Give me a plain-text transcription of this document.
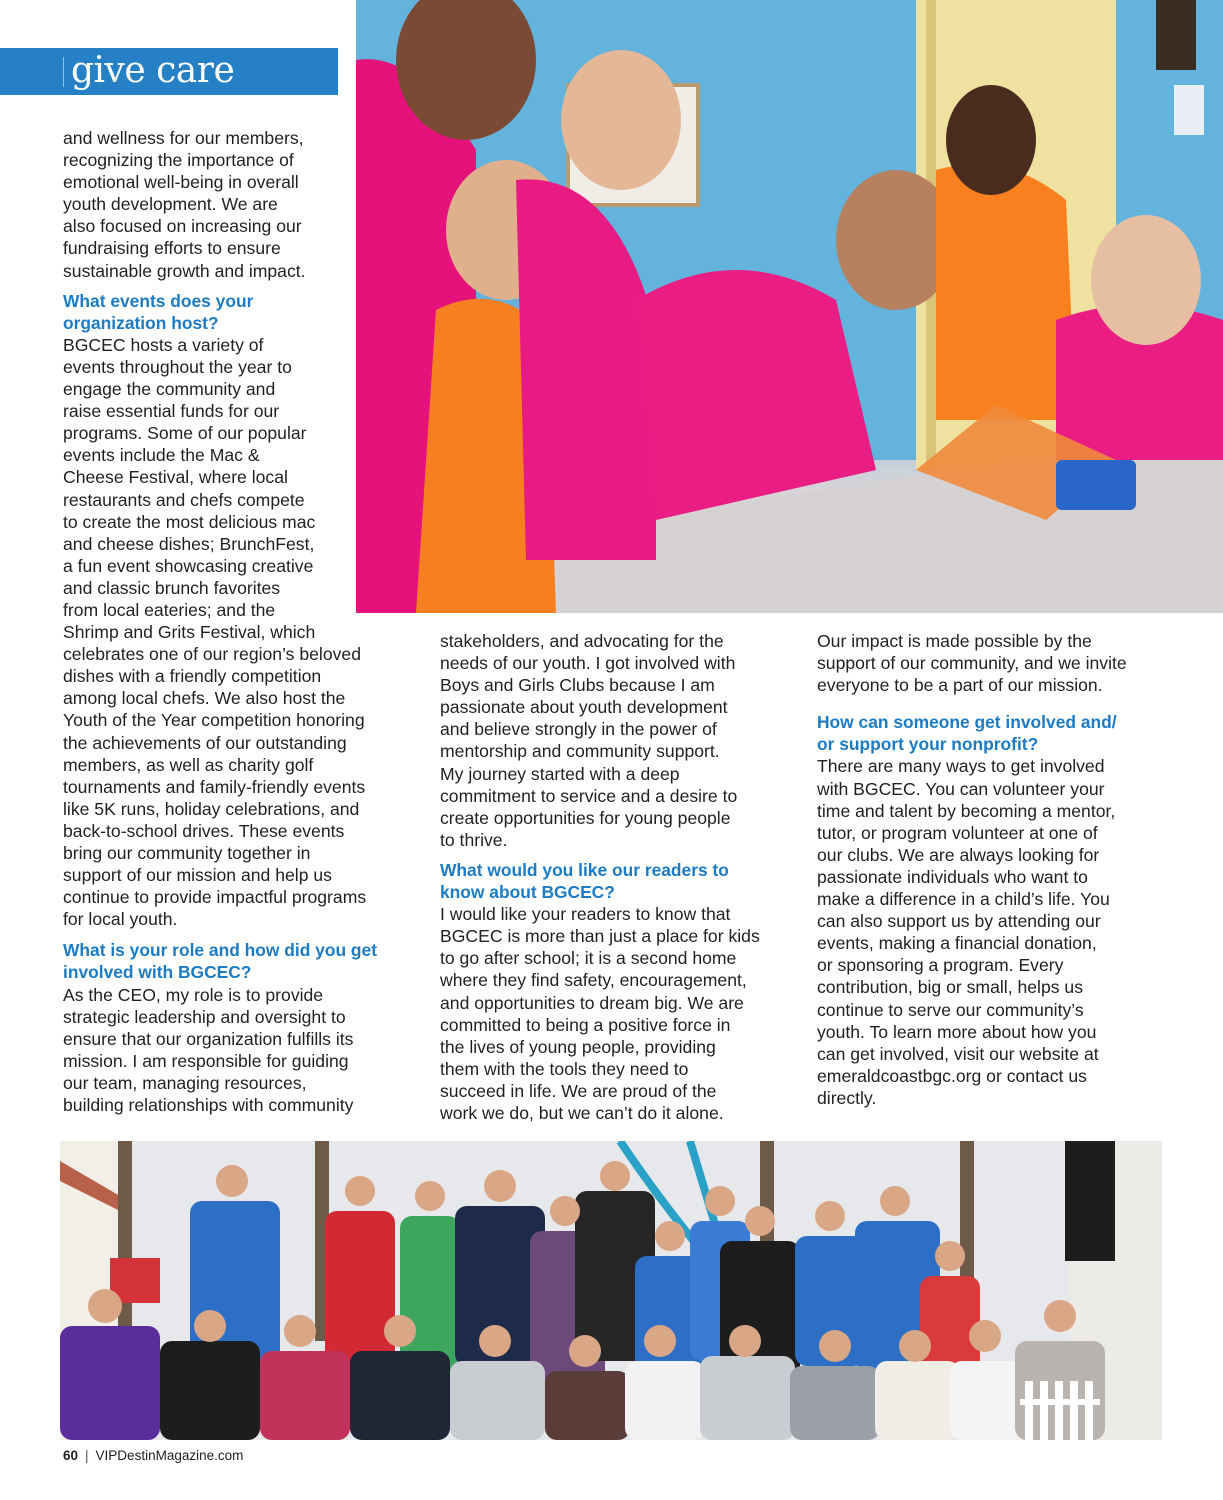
give care share

and wellness for our members,
recognizing the importance of
emotional well-being in overall
youth development. We are
also focused on increasing our
fundraising efforts to ensure
sustainable growth and impact.

What events does your
organization host?

BGCEC hosts a variety of
events throughout the year to
engage the community and
raise essential funds for our
programs. Some of our popular
events include the Mac &
Cheese Festival, where local
restaurants and chefs compete
to create the most delicious mac
and cheese dishes; BrunchFest,
a fun event showcasing creative
and classic brunch favorites
from local eateries; and the
Shrimp and Grits Festival, which
celebrates one of our region’s beloved
dishes with a friendly competition
among local chefs. We also host the
Youth of the Year competition honoring
the achievements of our outstanding
members, as well as charity golf
tournaments and family-friendly events
like 5K runs, holiday celebrations, and
back-to-school drives. These events
bring our community together in
support of our mission and help us
continue to provide impactful programs
for local youth.

What is your role and how did you get
involved with BGCEC?

As the CEO, my role is to provide
strategic leadership and oversight to
ensure that our organization fulfills its
mission. I am responsible for guiding
our team, managing resources,
building relationships with community

stakeholders, and advocating for the
needs of our youth. I got involved with
Boys and Girls Clubs because I am
passionate about youth development
and believe strongly in the power of
mentorship and community support.
My journey started with a deep
commitment to service and a desire to
create opportunities for young people
to thrive.

What would you like our readers to
know about BGCEC?

I would like your readers to know that
BGCEC is more than just a place for kids
to go after school; it is a second home
where they find safety, encouragement,
and opportunities to dream big. We are
committed to being a positive force in
the lives of young people, providing
them with the tools they need to
succeed in life. We are proud of the
work we do, but we can’t do it alone.

Our impact is made possible by the
support of our community, and we invite
everyone to be a part of our mission.

How can someone get involved and/
or support your nonprofit?

There are many ways to get involved
with BGCEC. You can volunteer your
time and talent by becoming a mentor,
tutor, or program volunteer at one of
our clubs. We are always looking for
passionate individuals who want to
make a difference in a child’s life. You
can also support us by attending our
events, making a financial donation,
or sponsoring a program. Every
contribution, big or small, helps us
continue to serve our community’s
youth. To learn more about how you
can get involved, visit our website at
emeraldcoastbgc.org or contact us
directly.

60 | VIPDestinMagazine.com
